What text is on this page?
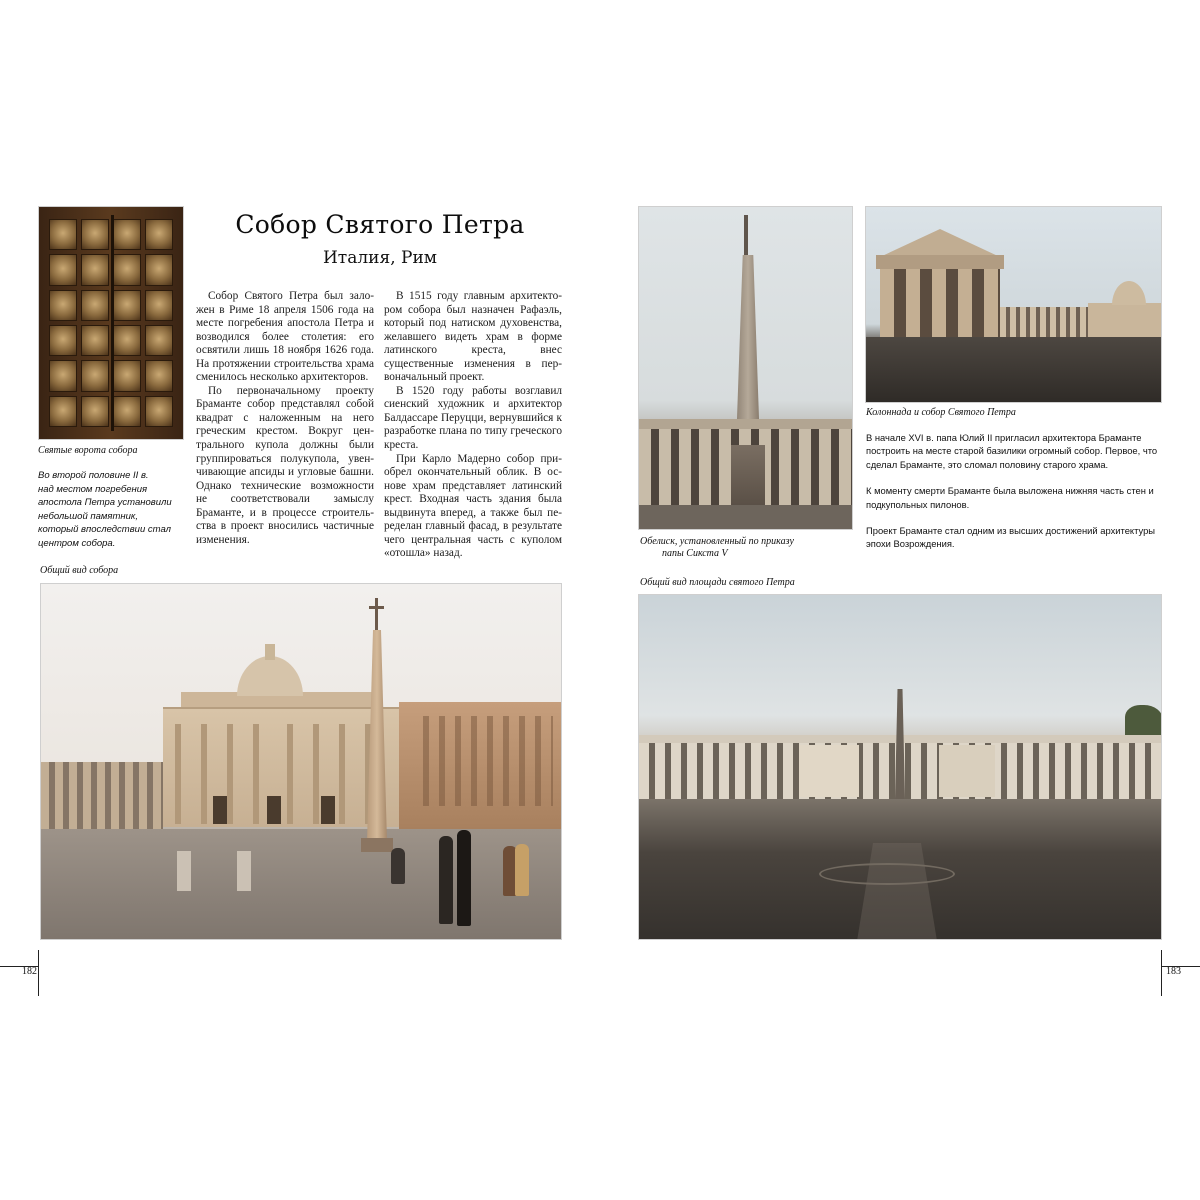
Святые ворота собора
Во второй половине II в.
над местом погребения
апостола Петра установили
небольшой памятник,
который впоследствии стал
центром собора.
Собор Святого Петра
Италия, Рим

Собор Святого Петра был заложен в Риме 18 апреля 1506 года на месте погребения апостола Петра и возводился более столетия: его освятили лишь 18 ноября 1626 года. На протяжении строительства храма сменилось несколько архитекторов.

По первоначальному проекту Браманте собор представлял собой квадрат с наложенным на него греческим крестом. Вокруг центрального купола должны были группироваться полукупола, увенчивающие апсиды и угловые башни. Однако технические возможности не соответствовали замыслу Браманте, и в процессе строительства в проект вносились частичные изменения.

В 1515 году главным архитектором собора был назначен Рафаэль, который под натиском духовенства, желавшего видеть храм в форме латинского креста, внес существенные изменения в первоначальный проект.

В 1520 году работы возглавил сиенский художник и архитектор Балдассаре Перуцци, вернувшийся к разработке плана по типу греческого креста.

При Карло Мадерно собор приобрел окончательный облик. В основе храм представляет латинский крест. Входная часть здания была выдвинута вперед, а также был переделан главный фасад, в результате чего центральная часть с куполом «отошла» назад.

Общий вид собора
182
Обелиск, установленный по приказу
папы Сикста V
Колоннада и собор Святого Петра

В начале XVI в. папа Юлий II пригласил архитектора Браманте построить на месте старой базилики огромный собор. Первое, что сделал Браманте, это сломал половину старого храма.

К моменту смерти Браманте была выложена нижняя часть стен и подкупольных пилонов.

Проект Браманте стал одним из высших достижений архитектуры эпохи Возрождения.

Общий вид площади святого Петра
183
